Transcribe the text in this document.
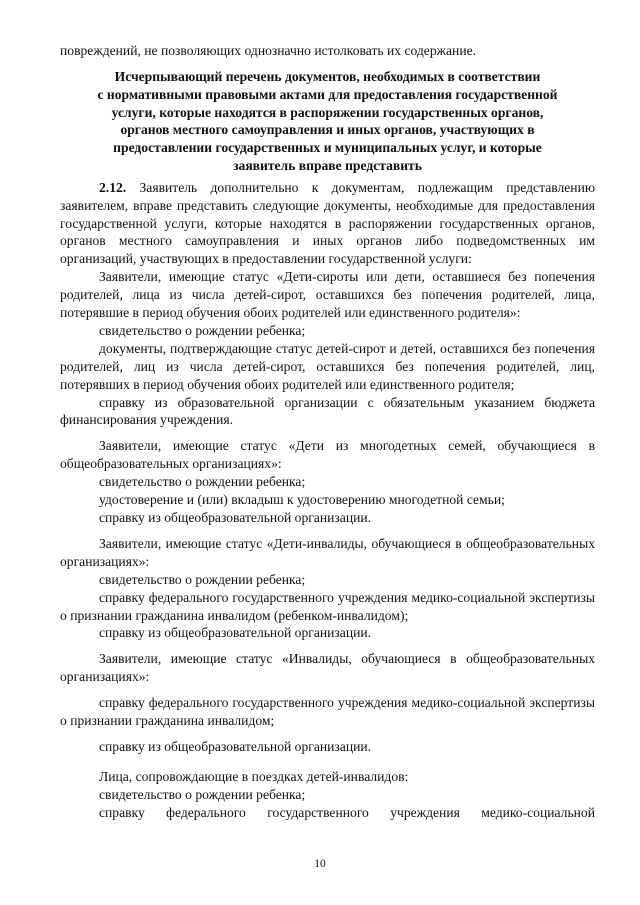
повреждений, не позволяющих однозначно истолковать их содержание.

Исчерпывающий перечень документов, необходимых в соответствии
с нормативными правовыми актами для предоставления государственной
услуги, которые находятся в распоряжении государственных органов,
органов местного самоуправления и иных органов, участвующих в
предоставлении государственных и муниципальных услуг, и которые
заявитель вправе представить

2.12. Заявитель дополнительно к документам, подлежащим представлению заявителем, вправе представить следующие документы, необходимые для предоставления государственной услуги, которые находятся в распоряжении государственных органов, органов местного самоуправления и иных органов либо подведомственных им организаций, участвующих в предоставлении государственной услуги:

Заявители, имеющие статус «Дети-сироты или дети, оставшиеся без попечения родителей, лица из числа детей-сирот, оставшихся без попечения родителей, лица, потерявшие в период обучения обоих родителей или единственного родителя»:

свидетельство о рождении ребенка;

документы, подтверждающие статус детей-сирот и детей, оставшихся без попечения родителей, лиц из числа детей-сирот, оставшихся без попечения родителей, лиц, потерявших в период обучения обоих родителей или единственного родителя;

справку из образовательной организации с обязательным указанием бюджета финансирования учреждения.

Заявители, имеющие статус «Дети из многодетных семей, обучающиеся в общеобразовательных организациях»:

свидетельство о рождении ребенка;

удостоверение и (или) вкладыш к удостоверению многодетной семьи;

справку из общеобразовательной организации.

Заявители, имеющие статус «Дети-инвалиды, обучающиеся в общеобразовательных организациях»:

свидетельство о рождении ребенка;

справку федерального государственного учреждения медико-социальной экспертизы о признании гражданина инвалидом (ребенком-инвалидом);

справку из общеобразовательной организации.

Заявители, имеющие статус «Инвалиды, обучающиеся в общеобразовательных организациях»:

справку федерального государственного учреждения медико-социальной экспертизы о признании гражданина инвалидом;

справку из общеобразовательной организации.

Лица, сопровождающие в поездках детей-инвалидов:

свидетельство о рождении ребенка;

справку федерального государственного учреждения медико-социальной

10
